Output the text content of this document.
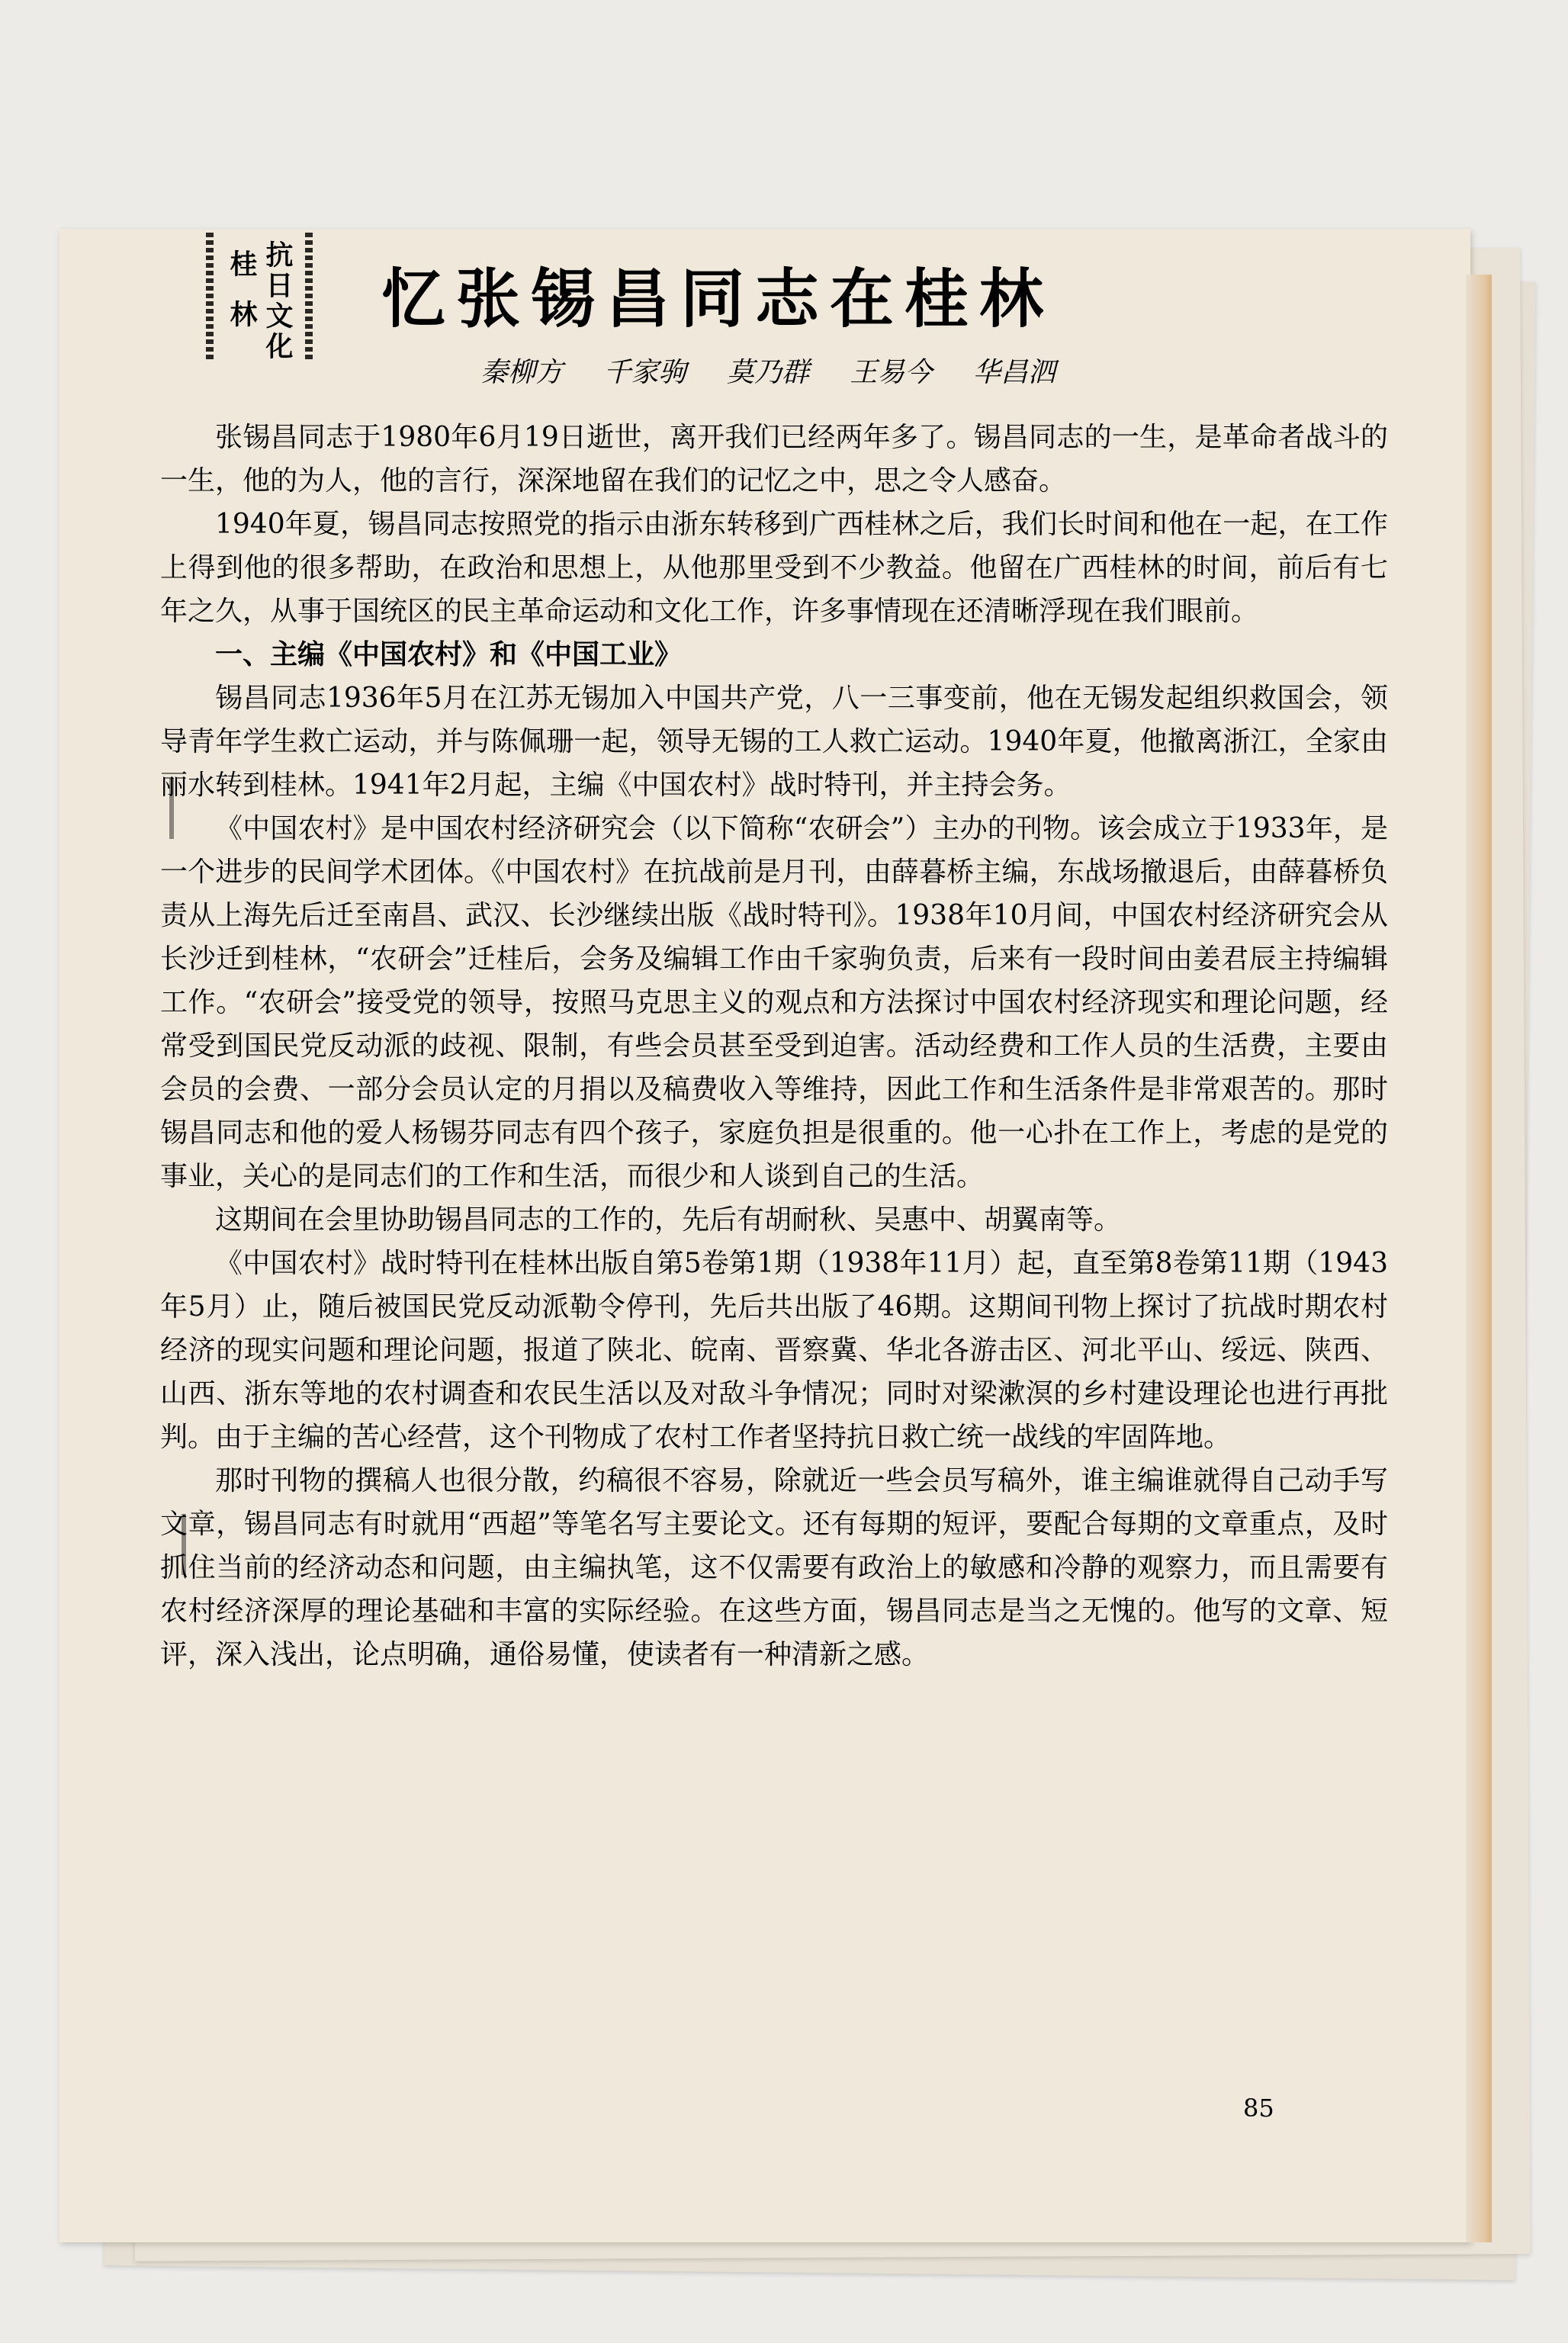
抗日文化
桂林 忆张锡昌同志在桂林
秦柳方 千家驹 莫乃群 王易今 华昌泗

张锡昌同志于1980年6月19日逝世，离开我们已经两年多了。锡昌同志的一生，是革命者战斗的一生，他的为人，他的言行，深深地留在我们的记忆之中，思之令人感奋。

1940年夏，锡昌同志按照党的指示由浙东转移到广西桂林之后，我们长时间和他在一起，在工作上得到他的很多帮助，在政治和思想上，从他那里受到不少教益。他留在广西桂林的时间，前后有七年之久，从事于国统区的民主革命运动和文化工作，许多事情现在还清晰浮现在我们眼前。

一、主编《中国农村》和《中国工业》

锡昌同志1936年5月在江苏无锡加入中国共产党，八一三事变前，他在无锡发起组织救国会，领导青年学生救亡运动，并与陈佩珊一起，领导无锡的工人救亡运动。1940年夏，他撤离浙江，全家由丽水转到桂林。1941年2月起，主编《中国农村》战时特刊，并主持会务。

《中国农村》是中国农村经济研究会（以下简称“农研会”）主办的刊物。该会成立于1933年，是一个进步的民间学术团体。《中国农村》在抗战前是月刊，由薛暮桥主编，东战场撤退后，由薛暮桥负责从上海先后迁至南昌、武汉、长沙继续出版《战时特刊》。1938年10月间，中国农村经济研究会从长沙迁到桂林，“农研会”迁桂后，会务及编辑工作由千家驹负责，后来有一段时间由姜君辰主持编辑工作。“农研会”接受党的领导，按照马克思主义的观点和方法探讨中国农村经济现实和理论问题，经常受到国民党反动派的歧视、限制，有些会员甚至受到迫害。活动经费和工作人员的生活费，主要由会员的会费、一部分会员认定的月捐以及稿费收入等维持，因此工作和生活条件是非常艰苦的。那时锡昌同志和他的爱人杨锡芬同志有四个孩子，家庭负担是很重的。他一心扑在工作上，考虑的是党的事业，关心的是同志们的工作和生活，而很少和人谈到自己的生活。

这期间在会里协助锡昌同志的工作的，先后有胡耐秋、吴惠中、胡翼南等。

《中国农村》战时特刊在桂林出版自第5卷第1期（1938年11月）起，直至第8卷第11期（1943年5月）止，随后被国民党反动派勒令停刊，先后共出版了46期。这期间刊物上探讨了抗战时期农村经济的现实问题和理论问题，报道了陕北、皖南、晋察冀、华北各游击区、河北平山、绥远、陕西、山西、浙东等地的农村调查和农民生活以及对敌斗争情况；同时对梁漱溟的乡村建设理论也进行再批判。由于主编的苦心经营，这个刊物成了农村工作者坚持抗日救亡统一战线的牢固阵地。

那时刊物的撰稿人也很分散，约稿很不容易，除就近一些会员写稿外，谁主编谁就得自己动手写文章，锡昌同志有时就用“西超”等笔名写主要论文。还有每期的短评，要配合每期的文章重点，及时抓住当前的经济动态和问题，由主编执笔，这不仅需要有政治上的敏感和冷静的观察力，而且需要有农村经济深厚的理论基础和丰富的实际经验。在这些方面，锡昌同志是当之无愧的。他写的文章、短评，深入浅出，论点明确，通俗易懂，使读者有一种清新之感。

85
